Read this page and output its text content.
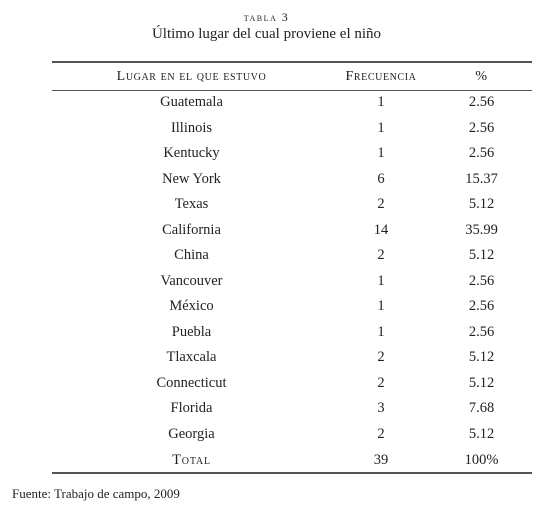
tabla 3
Último lugar del cual proviene el niño
Lugar en el que estuvo	Frecuencia	%
Guatemala	1	2.56
Illinois	1	2.56
Kentucky	1	2.56
New York	6	15.37
Texas	2	5.12
California	14	35.99
China	2	5.12
Vancouver	1	2.56
México	1	2.56
Puebla	1	2.56
Tlaxcala	2	5.12
Connecticut	2	5.12
Florida	3	7.68
Georgia	2	5.12
Total	39	100%
Fuente: Trabajo de campo, 2009
